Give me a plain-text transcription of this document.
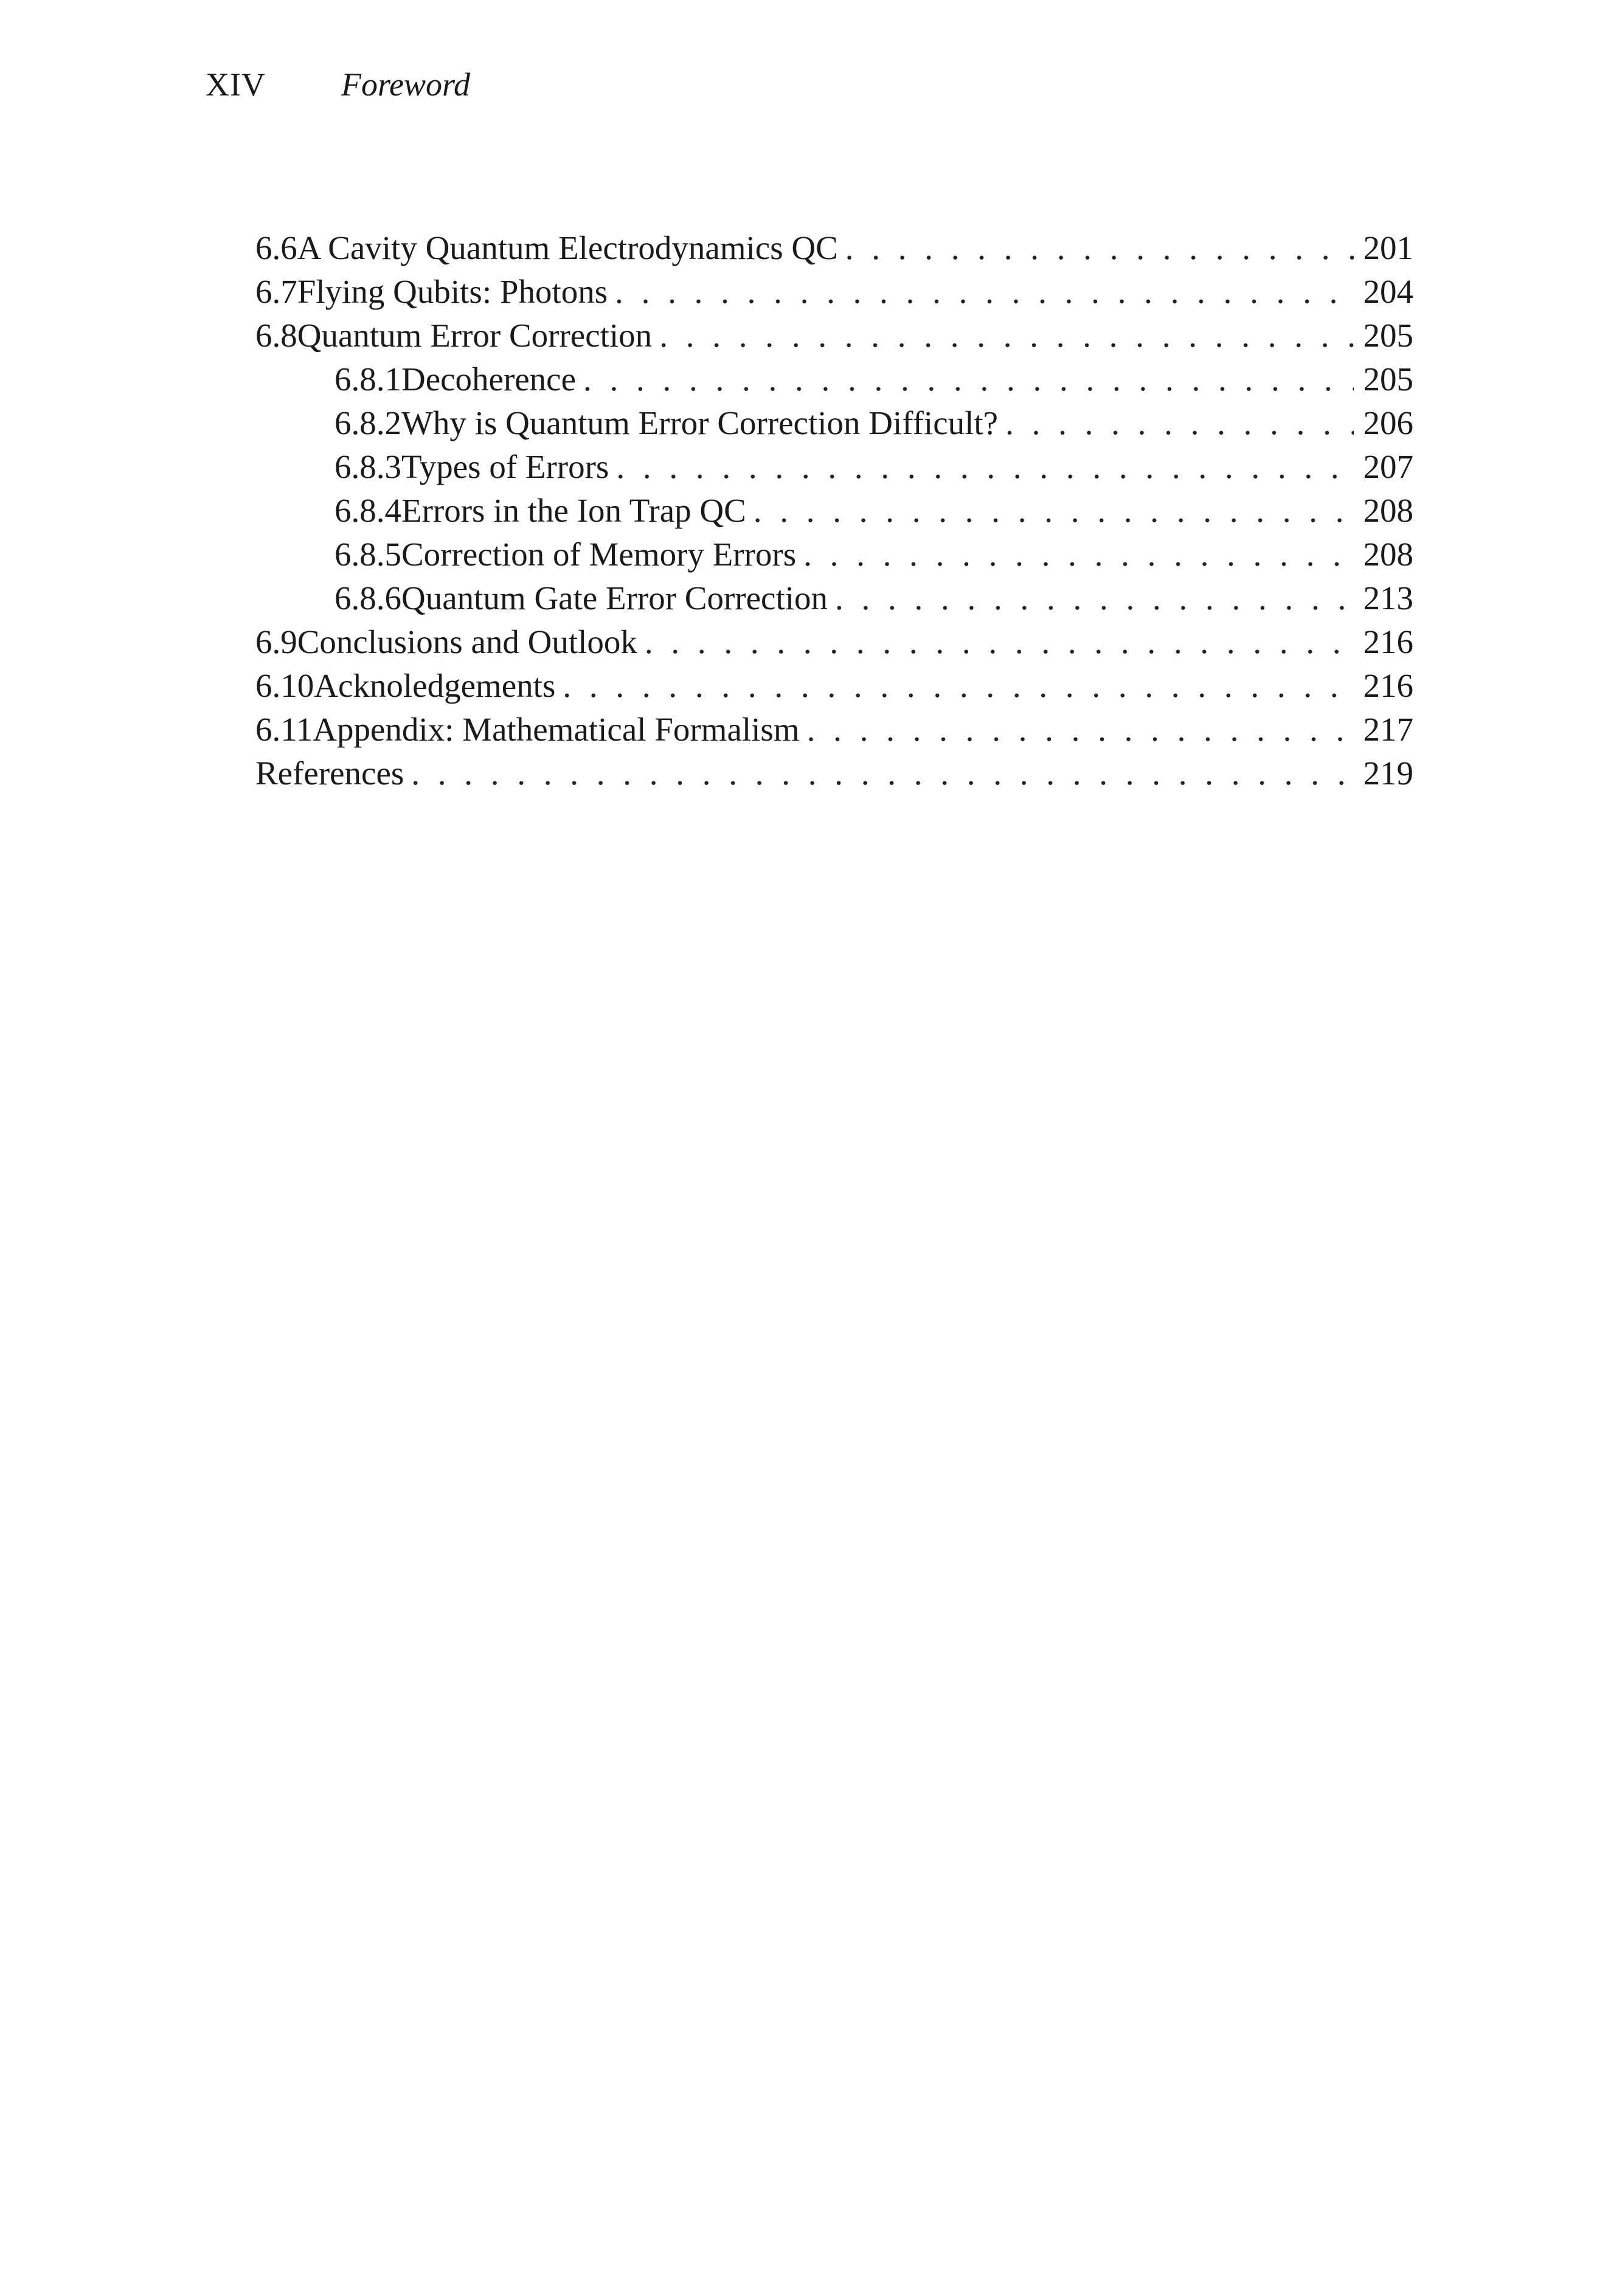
XIV Foreword
6.6 A Cavity Quantum Electrodynamics QC . . .	201
6.7 Flying Qubits: Photons . . .	204
6.8 Quantum Error Correction . . .	205
6.8.1 Decoherence . . .	205
6.8.2 Why is Quantum Error Correction Difficult? . . .	206
6.8.3 Types of Errors . . .	207
6.8.4 Errors in the Ion Trap QC . . .	208
6.8.5 Correction of Memory Errors . . .	208
6.8.6 Quantum Gate Error Correction . . .	213
6.9 Conclusions and Outlook . . .	216
6.10 Acknoledgements . . .	216
6.11 Appendix: Mathematical Formalism . . .	217
References . . .	219
